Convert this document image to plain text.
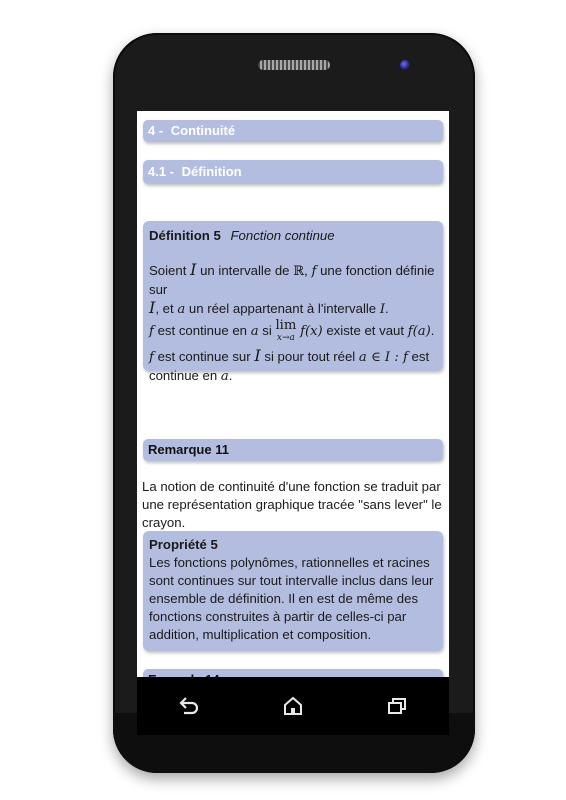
4 - Continuité
4.1 - Définition
Définition 5 Fonction continue
Soient I un intervalle de ℝ, f une fonction définie sur
I, et a un réel appartenant à l'intervalle I.
f est continue en a si lim
x→a f(x) existe et vaut f(a).
f est continue sur I si pour tout réel a ∈ I : f est
continue en a.
Remarque 11
La notion de continuité d'une fonction se traduit par une représentation graphique tracée "sans lever" le crayon.
Propriété 5
Les fonctions polynômes, rationnelles et racines sont continues sur tout intervalle inclus dans leur ensemble de définition. Il en est de même des fonctions construites à partir de celles-ci par addition, multiplication et composition.
